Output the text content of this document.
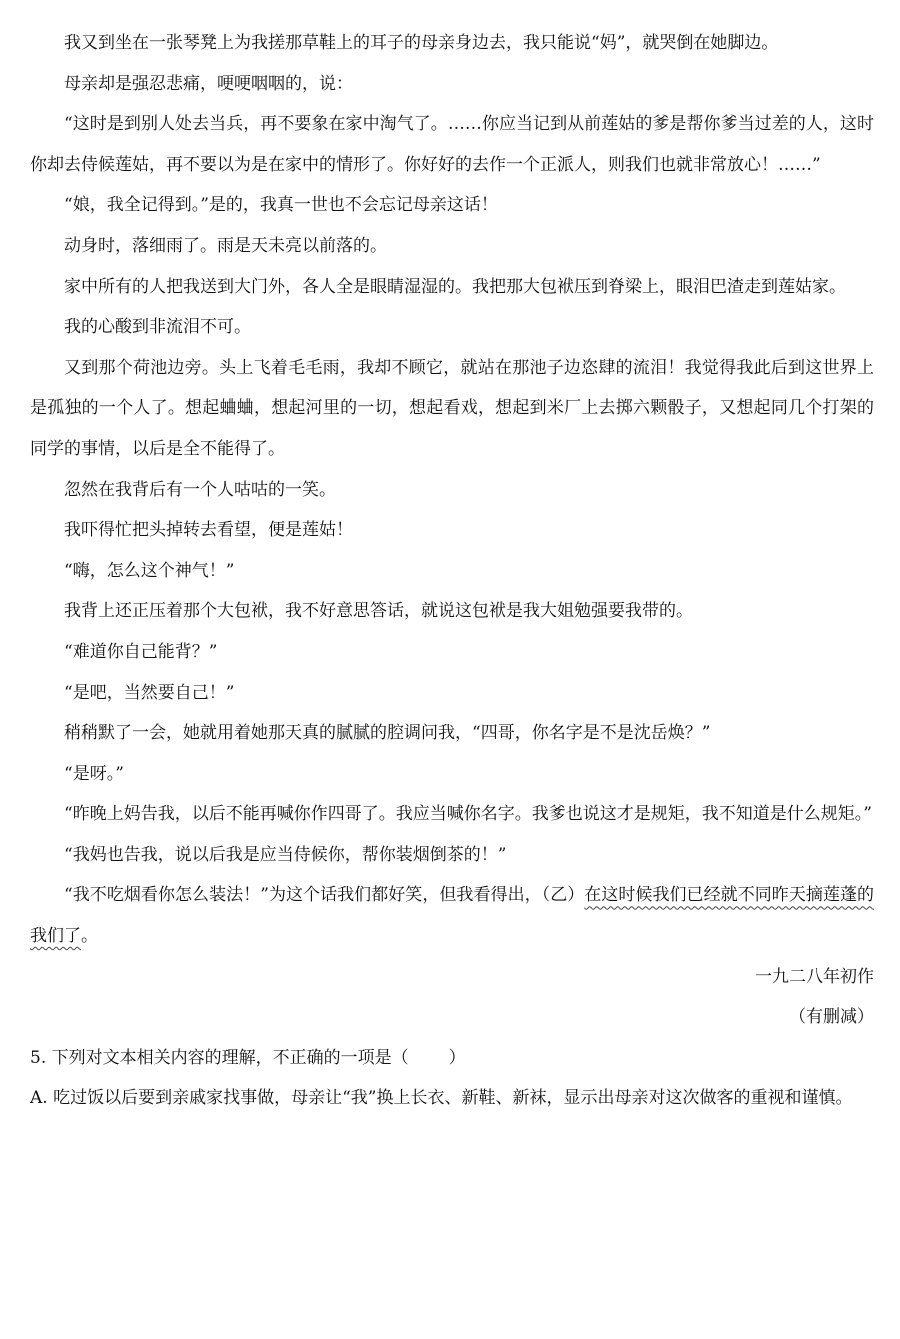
我又到坐在一张琴凳上为我搓那草鞋上的耳子的母亲身边去，我只能说“妈”，就哭倒在她脚边。

母亲却是强忍悲痛，哽哽咽咽的，说：

“这时是到别人处去当兵，再不要象在家中淘气了。……你应当记到从前莲姑的爹是帮你爹当过差的人，这时你却去侍候莲姑，再不要以为是在家中的情形了。你好好的去作一个正派人，则我们也就非常放心！……”

“娘，我全记得到。”是的，我真一世也不会忘记母亲这话！

动身时，落细雨了。雨是天未亮以前落的。

家中所有的人把我送到大门外，各人全是眼睛湿湿的。我把那大包袱压到脊梁上，眼泪巴渣走到莲姑家。

我的心酸到非流泪不可。

又到那个荷池边旁。头上飞着毛毛雨，我却不顾它，就站在那池子边恣肆的流泪！我觉得我此后到这世界上是孤独的一个人了。想起蛐蛐，想起河里的一切，想起看戏，想起到米厂上去掷六颗骰子，又想起同几个打架的同学的事情，以后是全不能得了。

忽然在我背后有一个人咕咕的一笑。

我吓得忙把头掉转去看望，便是莲姑！

“嗨，怎么这个神气！”

我背上还正压着那个大包袱，我不好意思答话，就说这包袱是我大姐勉强要我带的。

“难道你自己能背？”

“是吧，当然要自己！”

稍稍默了一会，她就用着她那天真的腻腻的腔调问我，“四哥，你名字是不是沈岳焕？”

“是呀。”

“昨晚上妈告我，以后不能再喊你作四哥了。我应当喊你名字。我爹也说这才是规矩，我不知道是什么规矩。”

“我妈也告我，说以后我是应当侍候你，帮你装烟倒茶的！”

“我不吃烟看你怎么装法！”为这个话我们都好笑，但我看得出，（乙）在这时候我们已经就不同昨天摘莲蓬的我们了。

一九二八年初作

（有删减）

5. 下列对文本相关内容的理解，不正确的一项是（ ）

A. 吃过饭以后要到亲戚家找事做，母亲让“我”换上长衣、新鞋、新袜，显示出母亲对这次做客的重视和谨慎。
